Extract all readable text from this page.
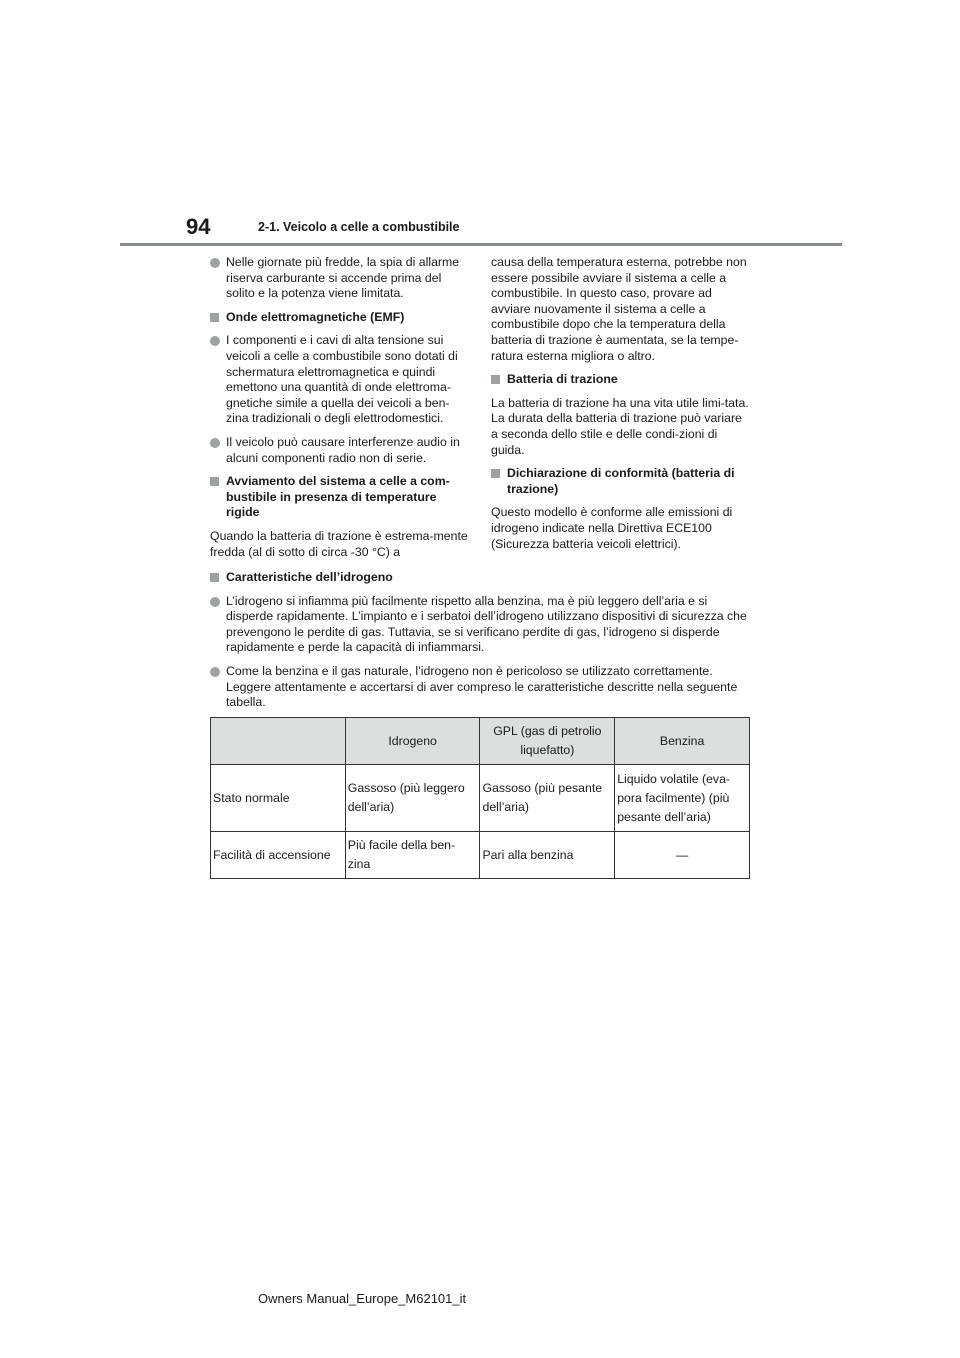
94	2-1. Veicolo a celle a combustibile
Nelle giornate più fredde, la spia di allarme riserva carburante si accende prima del solito e la potenza viene limitata.
Onde elettromagnetiche (EMF)
I componenti e i cavi di alta tensione sui veicoli a celle a combustibile sono dotati di schermatura elettromagnetica e quindi emettono una quantità di onde elettroma-gnetiche simile a quella dei veicoli a ben-zina tradizionali o degli elettrodomestici.
Il veicolo può causare interferenze audio in alcuni componenti radio non di serie.
Avviamento del sistema a celle a com-bustibile in presenza di temperature rigide
Quando la batteria di trazione è estrema-mente fredda (al di sotto di circa -30 °C) a
causa della temperatura esterna, potrebbe non essere possibile avviare il sistema a celle a combustibile. In questo caso, provare ad avviare nuovamente il sistema a celle a combustibile dopo che la temperatura della batteria di trazione è aumentata, se la tempe-ratura esterna migliora o altro.
Batteria di trazione
La batteria di trazione ha una vita utile limi-tata. La durata della batteria di trazione può variare a seconda dello stile e delle condi-zioni di guida.
Dichiarazione di conformità (batteria di trazione)
Questo modello è conforme alle emissioni di idrogeno indicate nella Direttiva ECE100 (Sicurezza batteria veicoli elettrici).
Caratteristiche dell’idrogeno
L’idrogeno si infiamma più facilmente rispetto alla benzina, ma è più leggero dell’aria e si disperde rapidamente. L’impianto e i serbatoi dell’idrogeno utilizzano dispositivi di sicurezza che prevengono le perdite di gas. Tuttavia, se si verificano perdite di gas, l’idrogeno si disperde rapidamente e perde la capacità di infiammarsi.
Come la benzina e il gas naturale, l’idrogeno non è pericoloso se utilizzato correttamente. Leggere attentamente e accertarsi di aver compreso le caratteristiche descritte nella seguente tabella.
	Idrogeno	GPL (gas di petrolio liquefatto)	Benzina
Stato normale	Gassoso (più leggero dell’aria)	Gassoso (più pesante dell’aria)	Liquido volatile (eva-pora facilmente) (più pesante dell’aria)
Facilità di accensione	Più facile della ben-zina	Pari alla benzina	—
Owners Manual_Europe_M62101_it
